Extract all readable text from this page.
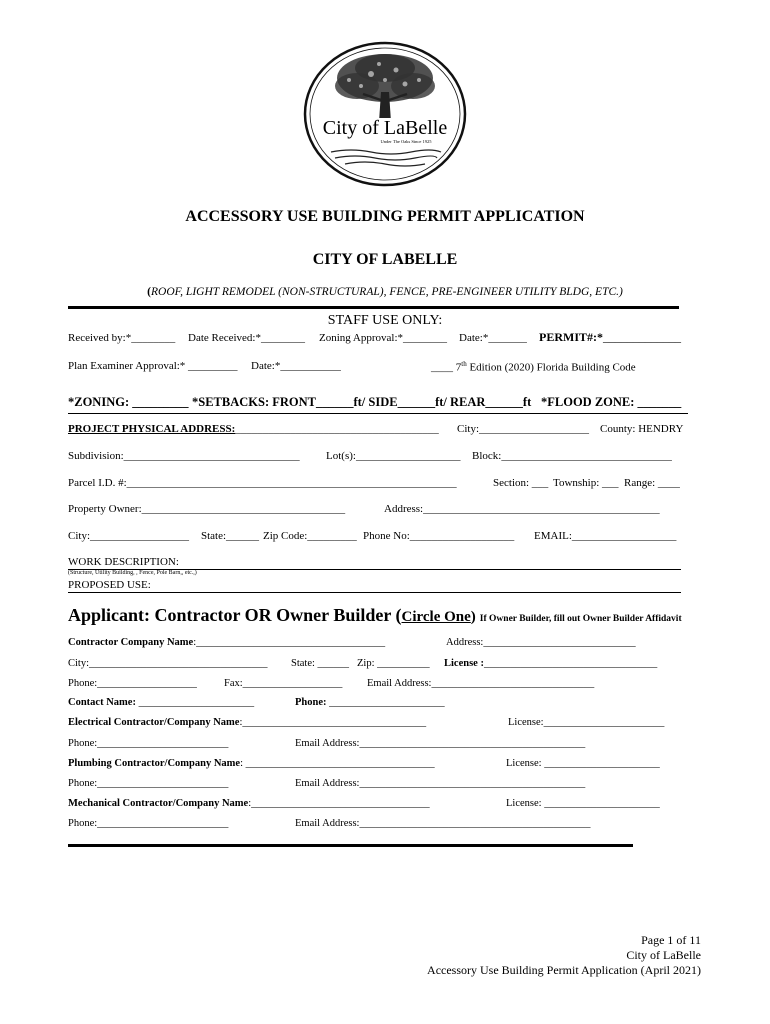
City of LaBelle
Under The Oaks Since 1925
ACCESSORY USE BUILDING PERMIT APPLICATION
CITY OF LABELLE
(ROOF, LIGHT REMODEL (NON-STRUCTURAL), FENCE, PRE-ENGINEER UTILITY BLDG, ETC.)
STAFF USE ONLY:
Received by:*________ Date Received:*________ Zoning Approval:*________ Date:*_______ PERMIT#:*_____________
Plan Examiner Approval:* _________ Date:*___________	____ 7th Edition (2020) Florida Building Code
*ZONING: _________ *SETBACKS: FRONT______ft/ SIDE______ft/ REAR______ft *FLOOD ZONE: _______
PROJECT PHYSICAL ADDRESS:_____________________________________ City:____________________ County: HENDRY
Subdivision:________________________________ Lot(s):___________________ Block:_______________________________
Parcel I.D. #:____________________________________________________________	Section: ___ Township: ___ Range: ____
Property Owner:_____________________________________	Address:___________________________________________
City:__________________ State:______ Zip Code:_________ Phone No:___________________ EMAIL:___________________
WORK DESCRIPTION:
(Structure, Utility Building, , Fence, Pole Barn,, etc.,)
PROPOSED USE:
Applicant: Contractor OR Owner Builder (Circle One) If Owner Builder, fill out Owner Builder Affidavit
Contractor Company Name:____________________________________	Address:_____________________________
City:__________________________________ State: ______ Zip: __________ License :_________________________________
Phone:___________________	Fax:___________________ Email Address:_______________________________
Contact Name: ______________________	Phone: ______________________
Electrical Contractor/Company Name:___________________________________	License:_______________________
Phone:_________________________	Email Address:___________________________________________
Plumbing Contractor/Company Name: ____________________________________	License: ______________________
Phone:_________________________	Email Address:___________________________________________
Mechanical Contractor/Company Name:__________________________________	License: ______________________
Phone:_________________________	Email Address:____________________________________________
Page 1 of 11
City of LaBelle
Accessory Use Building Permit Application (April 2021)
